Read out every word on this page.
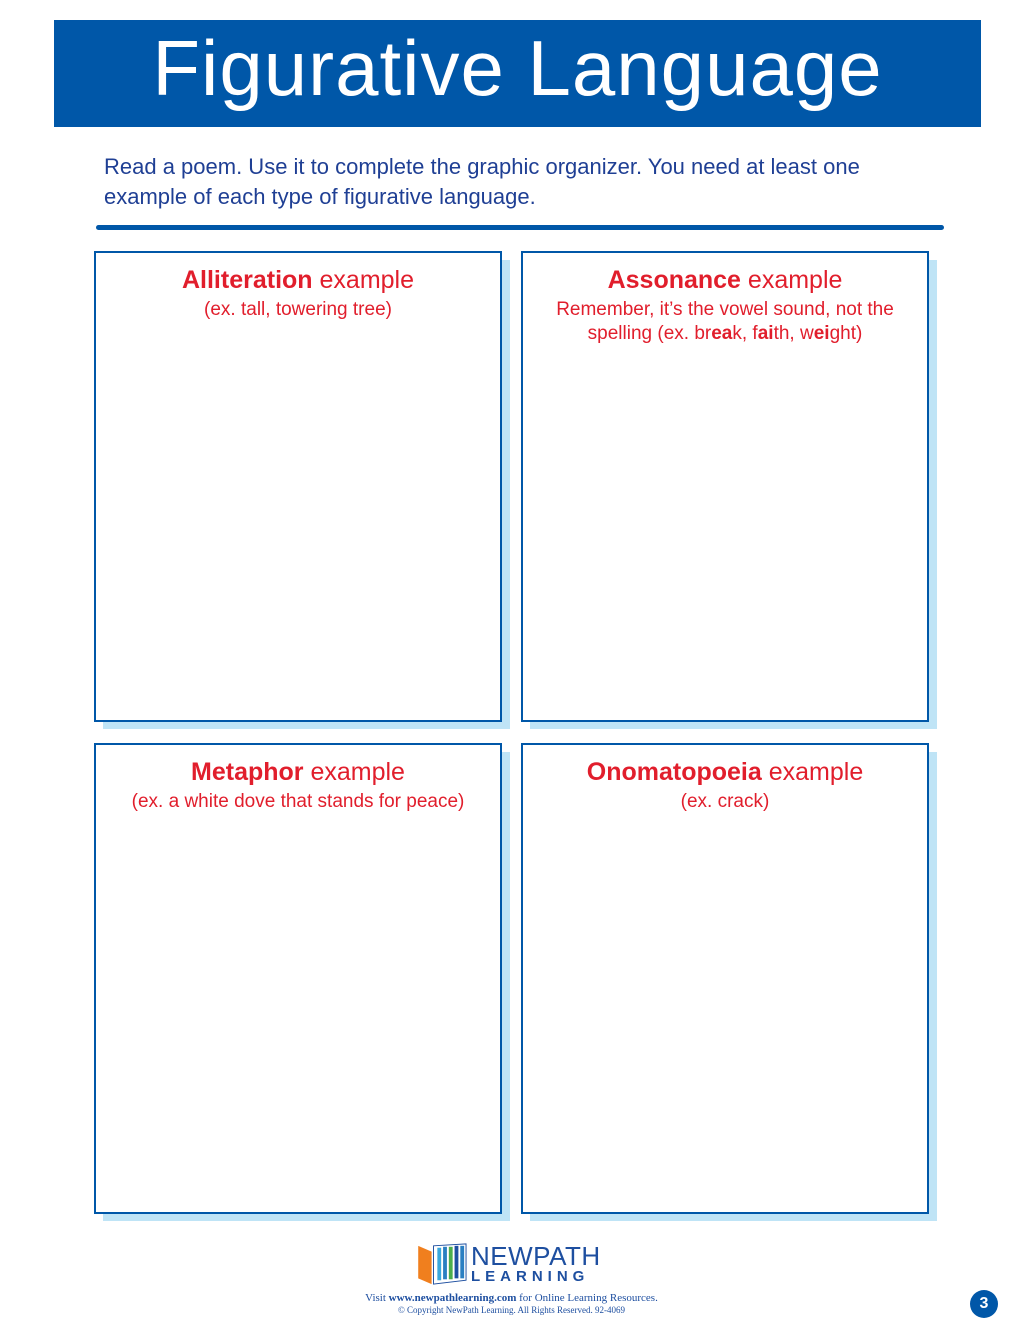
Figurative Language
Read a poem. Use it to complete the graphic organizer. You need at least one example of each type of figurative language.
Alliteration example
(ex. tall, towering tree)
Assonance example
Remember, it’s the vowel sound, not the
spelling (ex. break, faith, weight)
Metaphor example
(ex. a white dove that stands for peace)
Onomatopoeia example
(ex. crack)
NEWPATH
LEARNING
Visit www.newpathlearning.com for Online Learning Resources.
© Copyright NewPath Learning. All Rights Reserved. 92-4069	3
